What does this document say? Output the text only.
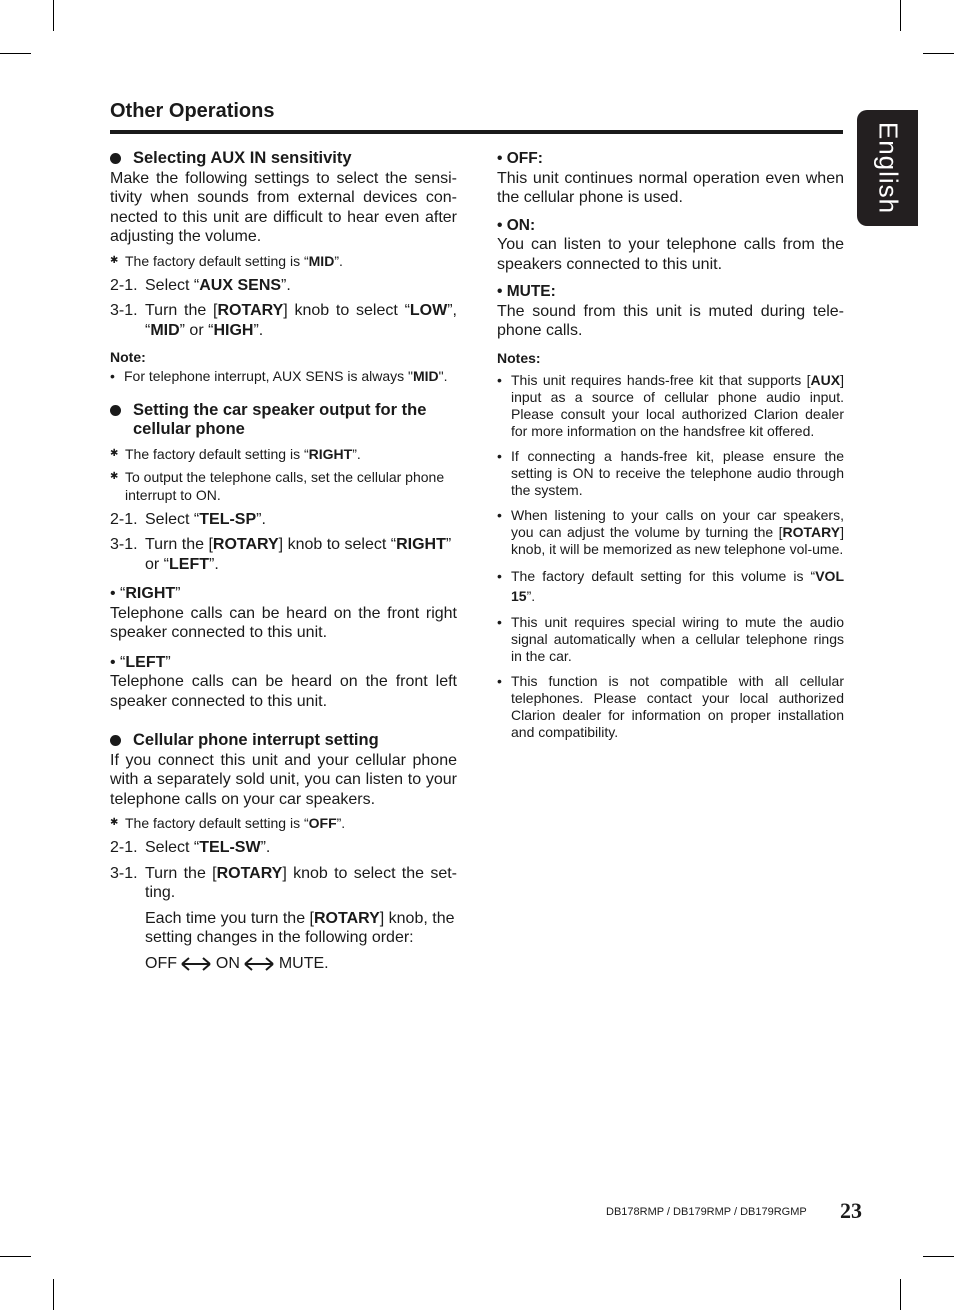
Other Operations
English
Selecting AUX IN sensitivity

Make the following settings to select the sensi-tivity when sounds from external devices con-nected to this unit are difficult to hear even after adjusting the volume.

✱ The factory default setting is “MID”.
2-1. Select “AUX SENS”.
3-1. Turn the [ROTARY] knob to select “LOW”, “MID” or “HIGH”.

Note:

• For telephone interrupt, AUX SENS is always "MID".
Setting the car speaker output for the cellular phone
✱ The factory default setting is “RIGHT”.
✱ To output the telephone calls, set the cellular phone interrupt to ON.
2-1. Select “TEL-SP”.
3-1. Turn the [ROTARY] knob to select “RIGHT” or “LEFT”.

• “RIGHT”

Telephone calls can be heard on the front right speaker connected to this unit.

• “LEFT”

Telephone calls can be heard on the front left speaker connected to this unit.

Cellular phone interrupt setting

If you connect this unit and your cellular phone with a separately sold unit, you can listen to your telephone calls on your car speakers.

✱ The factory default setting is “OFF”.
2-1. Select “TEL-SW”.
3-1. Turn the [ROTARY] knob to select the set-ting.

Each time you turn the [ROTARY] knob, the setting changes in the following order:

OFF ON MUTE.

• OFF:

This unit continues normal operation even when the cellular phone is used.

• ON:

You can listen to your telephone calls from the speakers connected to this unit.

• MUTE:

The sound from this unit is muted during tele-phone calls.

Notes:

• This unit requires hands-free kit that supports [AUX] input as a source of cellular phone audio input. Please consult your local authorized Clarion dealer for more information on the handsfree kit offered.
• If connecting a hands-free kit, please ensure the setting is ON to receive the telephone audio through the system.
• When listening to your calls on your car speakers, you can adjust the volume by turning the [ROTARY] knob, it will be memorized as new telephone vol-ume.
• The factory default setting for this volume is “VOL 15”.
• This unit requires special wiring to mute the audio signal automatically when a cellular telephone rings in the car.
• This function is not compatible with all cellular telephones. Please contact your local authorized Clarion dealer for information on proper installation and compatibility.
DB178RMP / DB179RMP / DB179RGMP 23
